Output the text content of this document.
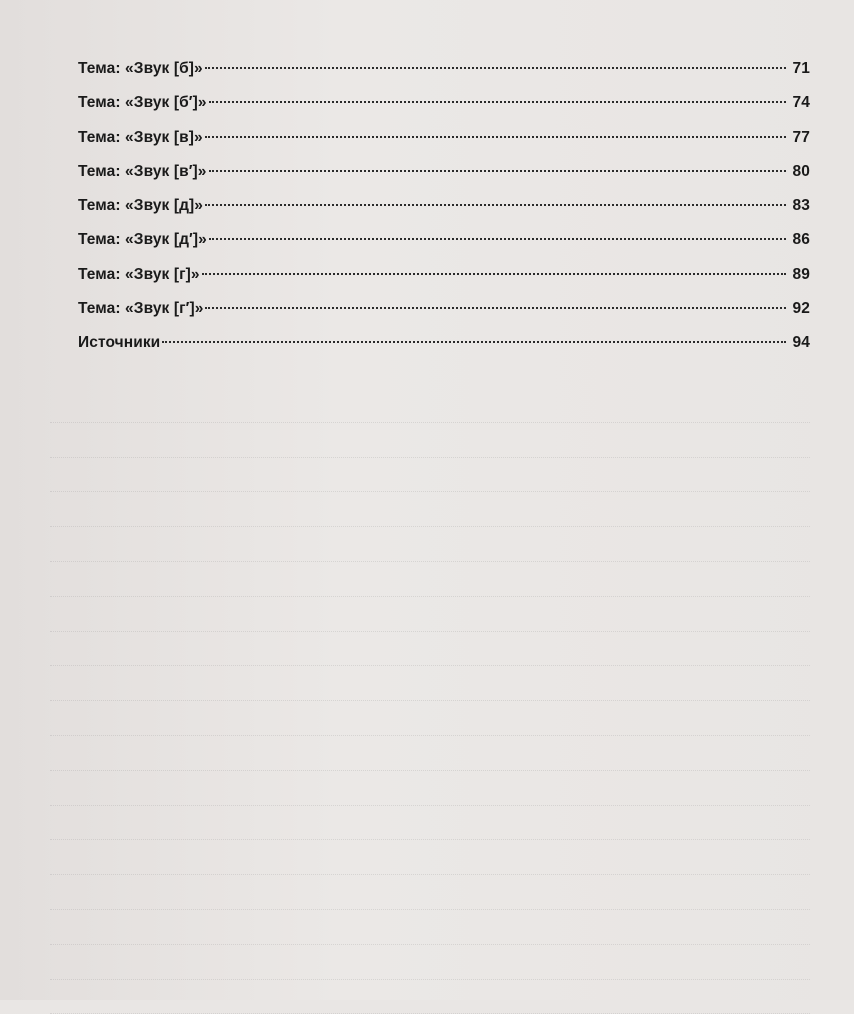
Тема: «Звук [б]»	71
Тема: «Звук [б′]»	74
Тема: «Звук [в]»	77
Тема: «Звук [в′]»	80
Тема: «Звук [д]»	83
Тема: «Звук [д′]»	86
Тема: «Звук [г]»	89
Тема: «Звук [г′]»	92
Источники	94
